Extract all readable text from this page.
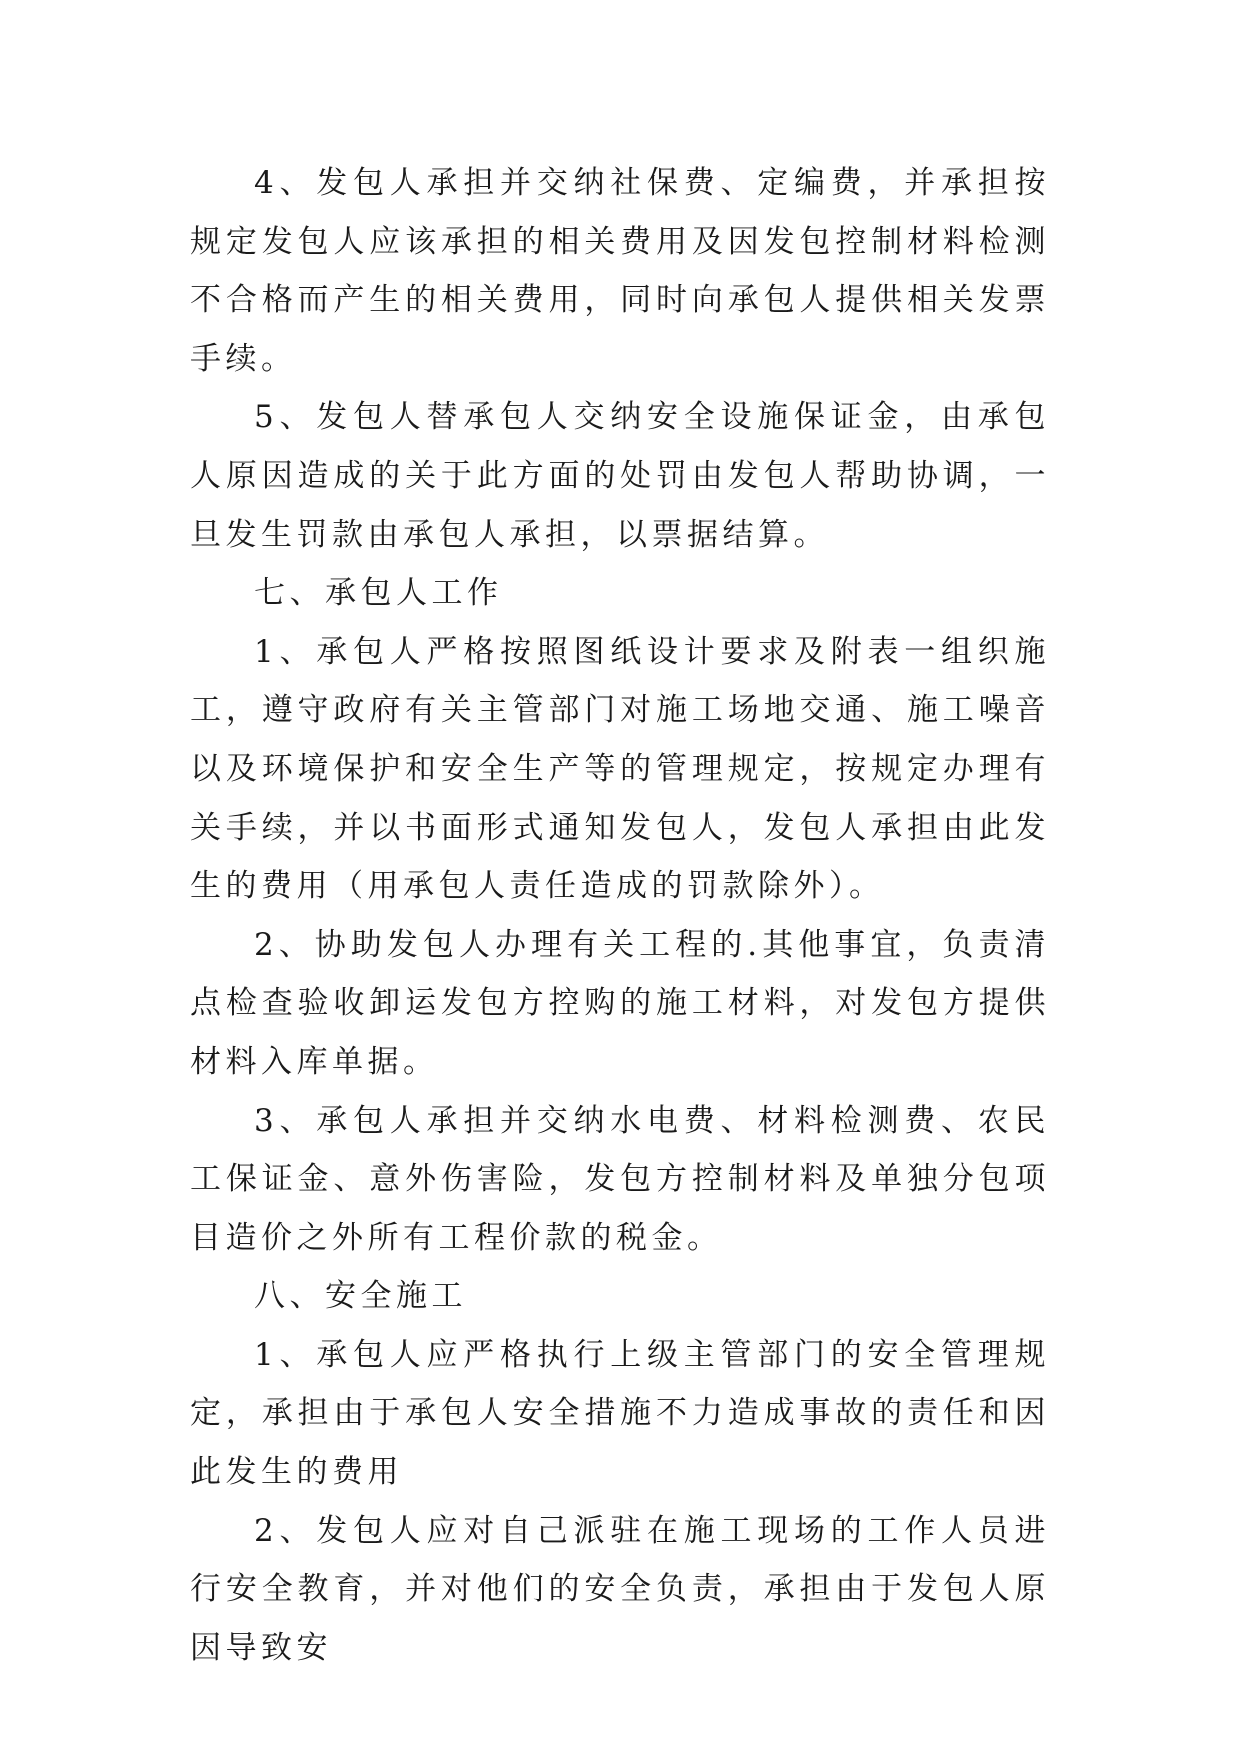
4、发包人承担并交纳社保费、定编费，并承担按规定发包人应该承担的相关费用及因发包控制材料检测不合格而产生的相关费用，同时向承包人提供相关发票手续。

5、发包人替承包人交纳安全设施保证金，由承包人原因造成的关于此方面的处罚由发包人帮助协调，一旦发生罚款由承包人承担，以票据结算。

七、承包人工作

1、承包人严格按照图纸设计要求及附表一组织施工，遵守政府有关主管部门对施工场地交通、施工噪音以及环境保护和安全生产等的管理规定，按规定办理有关手续，并以书面形式通知发包人，发包人承担由此发生的费用（用承包人责任造成的罚款除外）。

2、协助发包人办理有关工程的.其他事宜，负责清点检查验收卸运发包方控购的施工材料，对发包方提供材料入库单据。

3、承包人承担并交纳水电费、材料检测费、农民工保证金、意外伤害险，发包方控制材料及单独分包项目造价之外所有工程价款的税金。

八、安全施工

1、承包人应严格执行上级主管部门的安全管理规定，承担由于承包人安全措施不力造成事故的责任和因此发生的费用

2、发包人应对自己派驻在施工现场的工作人员进行安全教育，并对他们的安全负责，承担由于发包人原因导致安
